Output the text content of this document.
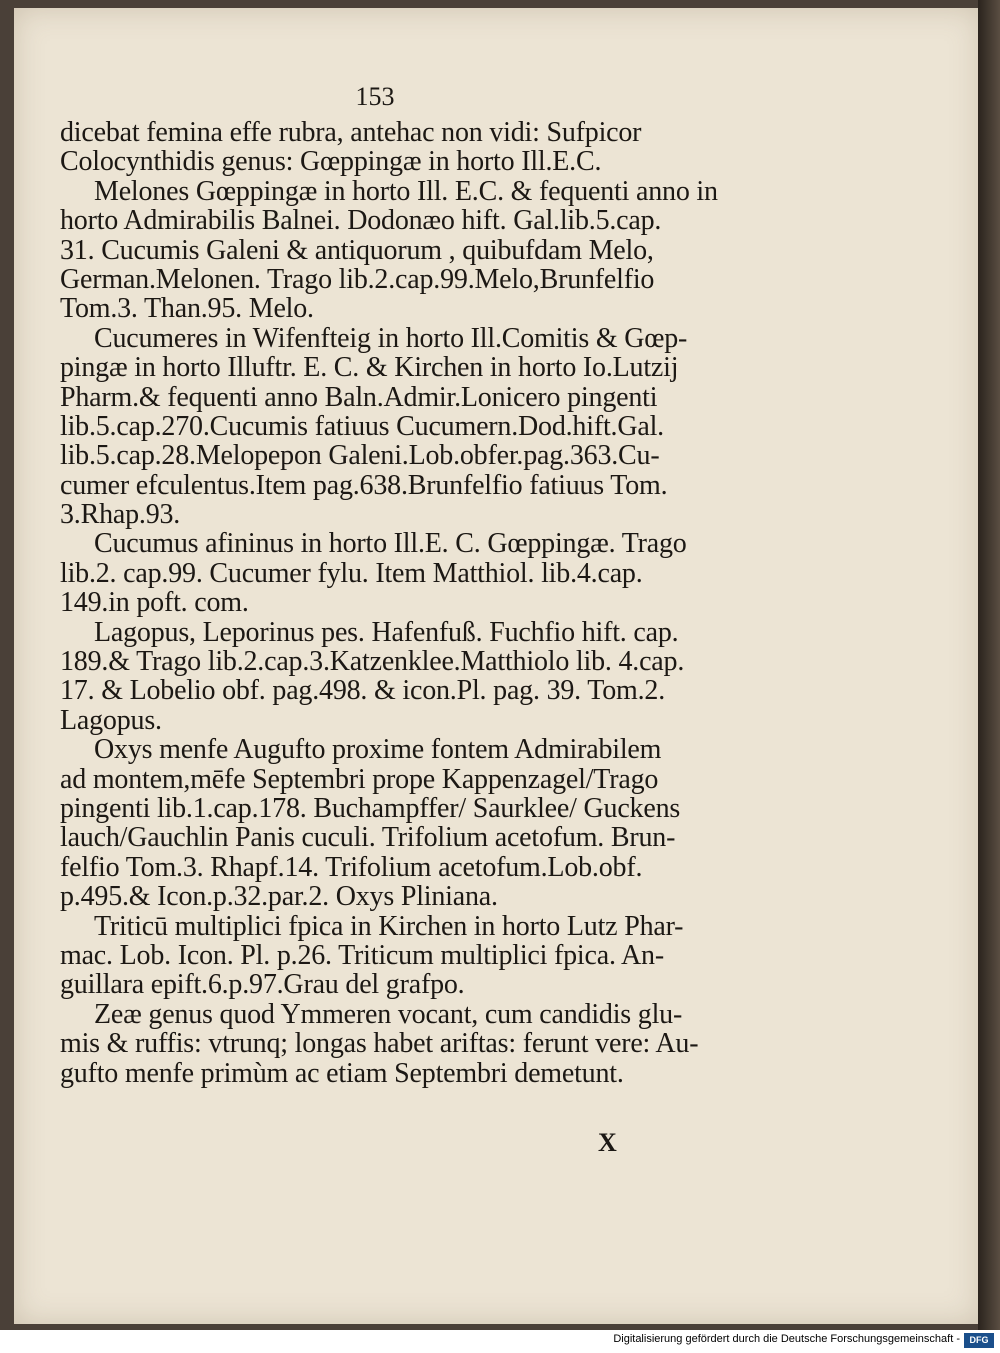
153
dicebat femina effe rubra, antehac non vidi: Sufpicor
Colocynthidis genus: Gœppingæ in horto Ill.E.C.
Melones Gœppingæ in horto Ill. E.C. & fequenti anno in
horto Admirabilis Balnei. Dodonæo hift. Gal.lib.5.cap.
31. Cucumis Galeni & antiquorum , quibufdam Melo,
German.Melonen. Trago lib.2.cap.99.Melo,Brunfelfio
Tom.3. Than.95. Melo.
Cucumeres in Wifenfteig in horto Ill.Comitis & Gœp-
pingæ in horto Illuftr. E. C. & Kirchen in horto Io.Lutzij
Pharm.& fequenti anno Baln.Admir.Lonicero pingenti
lib.5.cap.270.Cucumis fatiuus Cucumern.Dod.hift.Gal.
lib.5.cap.28.Melopepon Galeni.Lob.obfer.pag.363.Cu-
cumer efculentus.Item pag.638.Brunfelfio fatiuus Tom.
3.Rhap.93.
Cucumus afininus in horto Ill.E. C. Gœppingæ. Trago
lib.2. cap.99. Cucumer fylu. Item Matthiol. lib.4.cap.
149.in poft. com.
Lagopus, Leporinus pes. Hafenfuß. Fuchfio hift. cap.
189.& Trago lib.2.cap.3.Katzenklee.Matthiolo lib. 4.cap.
17. & Lobelio obf. pag.498. & icon.Pl. pag. 39. Tom.2.
Lagopus.
Oxys menfe Augufto proxime fontem Admirabilem
ad montem,mēfe Septembri prope Kappenzagel/Trago
pingenti lib.1.cap.178. Buchampffer/ Saurklee/ Guckens
lauch/Gauchlin Panis cuculi. Trifolium acetofum. Brun-
felfio Tom.3. Rhapf.14. Trifolium acetofum.Lob.obf.
p.495.& Icon.p.32.par.2. Oxys Pliniana.
Triticū multiplici fpica in Kirchen in horto Lutz Phar-
mac. Lob. Icon. Pl. p.26. Triticum multiplici fpica. An-
guillara epift.6.p.97.Grau del grafpo.
Zeæ genus quod Ymmeren vocant, cum candidis glu-
mis & ruffis: vtrunq; longas habet ariftas: ferunt vere: Au-
gufto menfe primùm ac etiam Septembri demetunt.
X
Digitalisierung gefördert durch die Deutsche Forschungsgemeinschaft -	DFG
